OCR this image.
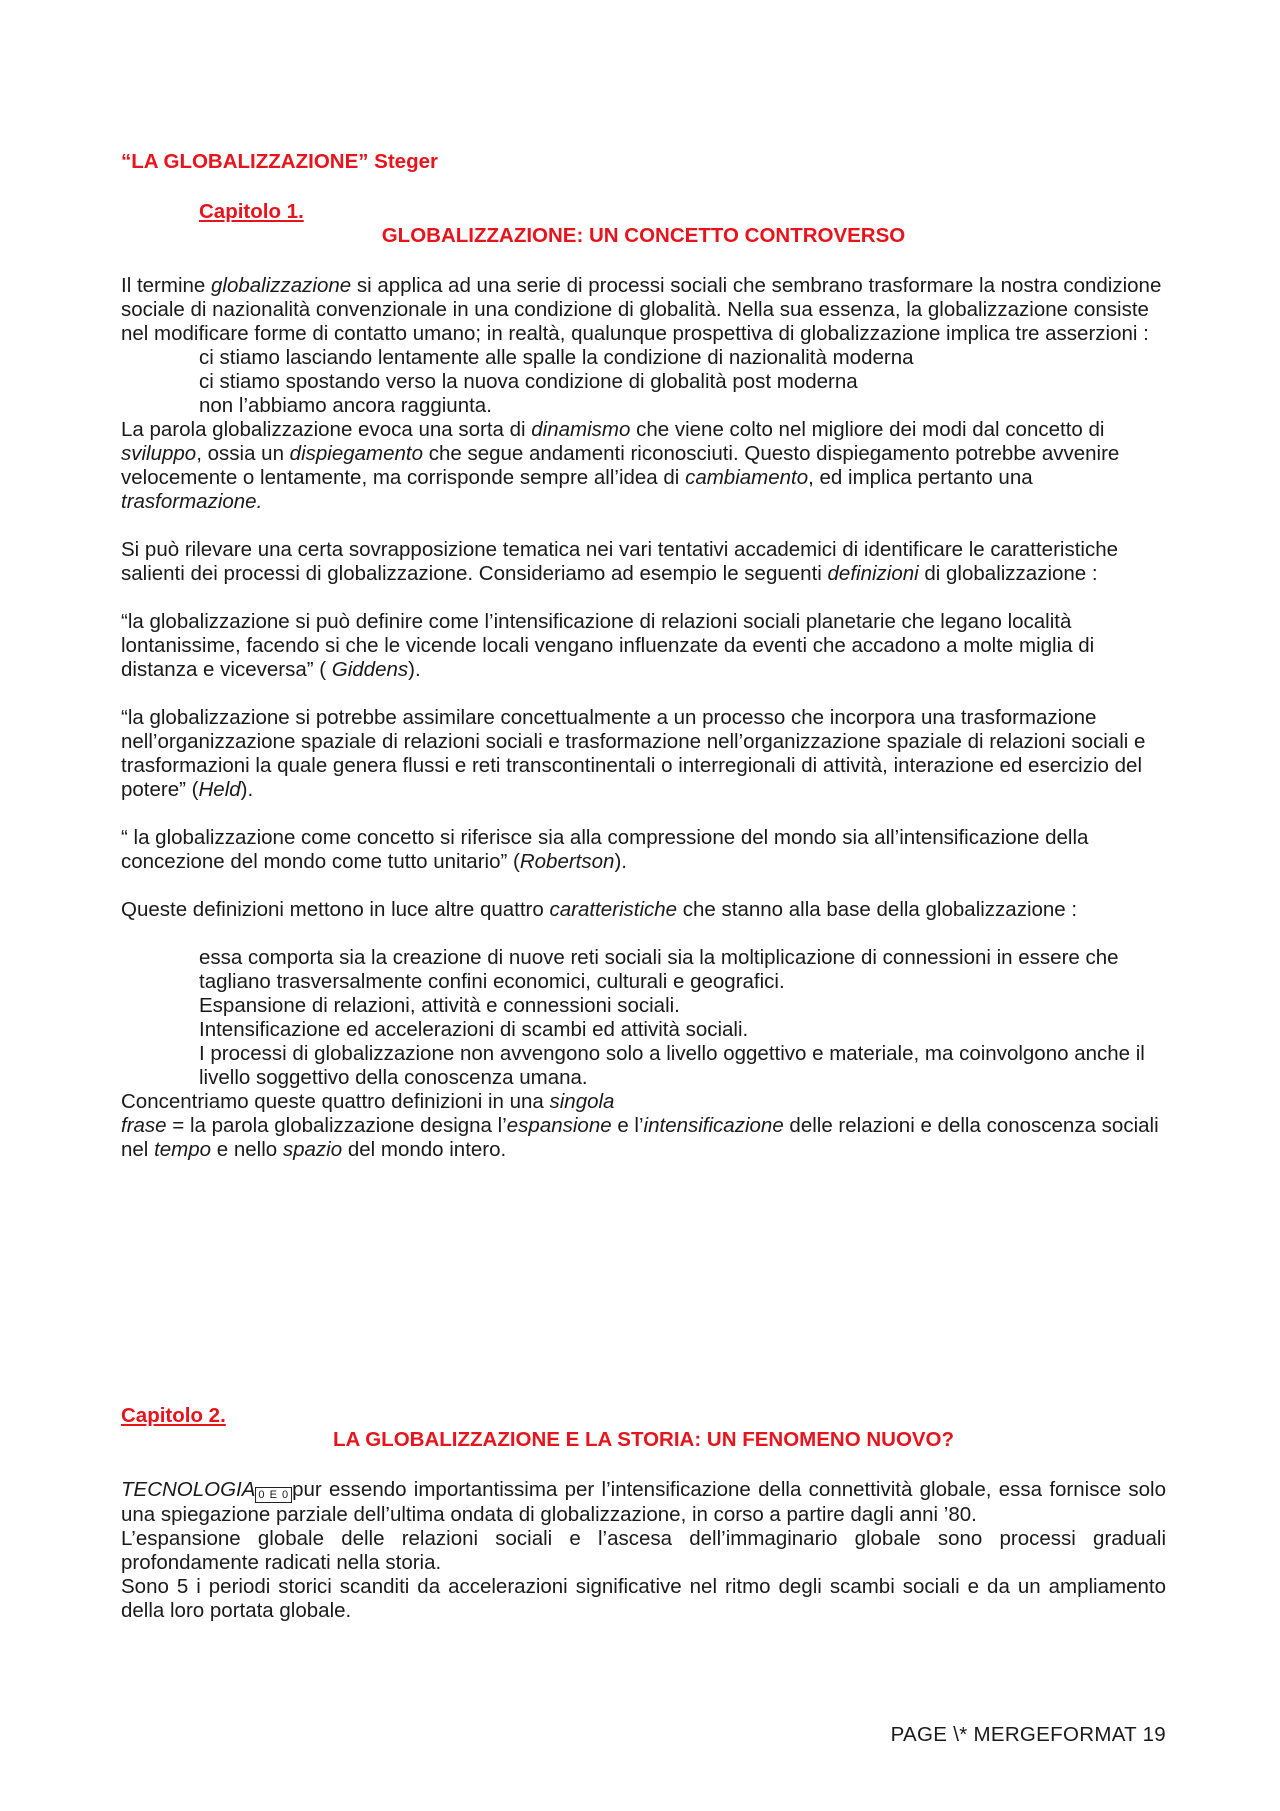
“LA GLOBALIZZAZIONE” Steger

Capitolo 1.

GLOBALIZZAZIONE: UN CONCETTO CONTROVERSO

Il termine globalizzazione si applica ad una serie di processi sociali che sembrano trasformare la nostra condizione sociale di nazionalità convenzionale in una condizione di globalità. Nella sua essenza, la globalizzazione consiste nel modificare forme di contatto umano; in realtà, qualunque prospettiva di globalizzazione implica tre asserzioni :

ci stiamo lasciando lentamente alle spalle la condizione di nazionalità moderna

ci stiamo spostando verso la nuova condizione di globalità post moderna

non l’abbiamo ancora raggiunta.

La parola globalizzazione evoca una sorta di dinamismo che viene colto nel migliore dei modi dal concetto di sviluppo, ossia un dispiegamento che segue andamenti riconosciuti. Questo dispiegamento potrebbe avvenire velocemente o lentamente, ma corrisponde sempre all’idea di cambiamento, ed implica pertanto una trasformazione.

Si può rilevare una certa sovrapposizione tematica nei vari tentativi accademici di identificare le caratteristiche salienti dei processi di globalizzazione. Consideriamo ad esempio le seguenti definizioni di globalizzazione :

“la globalizzazione si può definire come l’intensificazione di relazioni sociali planetarie che legano località lontanissime, facendo si che le vicende locali vengano influenzate da eventi che accadono a molte miglia di distanza e viceversa” ( Giddens).

“la globalizzazione si potrebbe assimilare concettualmente a un processo che incorpora una trasformazione nell’organizzazione spaziale di relazioni sociali e trasformazione nell’organizzazione spaziale di relazioni sociali e trasformazioni la quale genera flussi e reti transcontinentali o interregionali di attività, interazione ed esercizio del potere” (Held).

“ la globalizzazione come concetto si riferisce sia alla compressione del mondo sia all’intensificazione della concezione del mondo come tutto unitario” (Robertson).

Queste definizioni mettono in luce altre quattro caratteristiche che stanno alla base della globalizzazione :

essa comporta sia la creazione di nuove reti sociali sia la moltiplicazione di connessioni in essere che tagliano trasversalmente confini economici, culturali e geografici.

Espansione di relazioni, attività e connessioni sociali.

Intensificazione ed accelerazioni di scambi ed attività sociali.

I processi di globalizzazione non avvengono solo a livello oggettivo e materiale, ma coinvolgono anche il livello soggettivo della conoscenza umana.

Concentriamo queste quattro definizioni in una singola
frase = la parola globalizzazione designa l’espansione e l’intensificazione delle relazioni e della conoscenza sociali nel tempo e nello spazio del mondo intero.

Capitolo 2.

LA GLOBALIZZAZIONE E LA STORIA: UN FENOMENO NUOVO?

TECNOLOGIA 0 E 0 pur essendo importantissima per l’intensificazione della connettività globale, essa fornisce solo una spiegazione parziale dell’ultima ondata di globalizzazione, in corso a partire dagli anni ’80.

L’espansione globale delle relazioni sociali e l’ascesa dell’immaginario globale sono processi graduali profondamente radicati nella storia.

Sono 5 i periodi storici scanditi da accelerazioni significative nel ritmo degli scambi sociali e da un ampliamento della loro portata globale.

PAGE \* MERGEFORMAT 19
